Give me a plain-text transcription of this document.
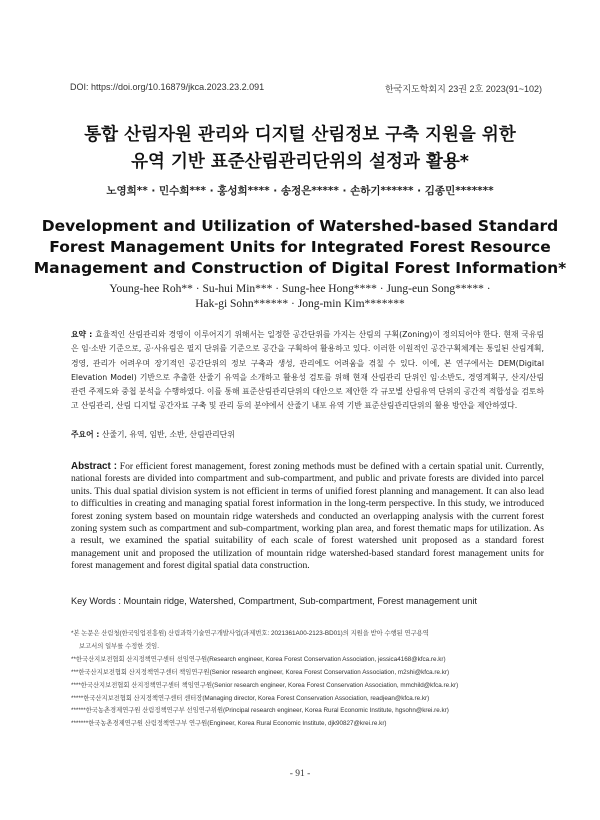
DOI: https://doi.org/10.16879/jkca.2023.23.2.091	한국지도학회지 23권 2호 2023(91~102)
통합 산림자원 관리와 디지털 산림정보 구축 지원을 위한
유역 기반 표준산림관리단위의 설정과 활용*
노영희** · 민수희*** · 홍성희**** · 송정은***** · 손하기****** · 김종민*******
Development and Utilization of Watershed-based Standard
Forest Management Units for Integrated Forest Resource
Management and Construction of Digital Forest Information*
Young-hee Roh** · Su-hui Min*** · Sung-hee Hong**** · Jung-eun Song***** ·
Hak-gi Sohn****** · Jong-min Kim*******
요약 : 효율적인 산림관리와 경영이 이루어지기 위해서는 일정한 공간단위를 가지는 산림의 구획(Zoning)이 정의되어야 한다. 현재 국유림은 임·소반 기준으로, 공·사유림은 필지 단위를 기준으로 공간을 구획하여 활용하고 있다. 이러한 이원적인 공간구획체계는 통일된 산림계획, 경영, 관리가 어려우며 장기적인 공간단위의 정보 구축과 생성, 관리에도 어려움을 겪칠 수 있다. 이에, 본 연구에서는 DEM(Digital Elevation Model) 기반으로 추출한 산줄기 유역을 소개하고 활용성 검토를 위해 현재 산림관리 단위인 임·소반도, 경영계획구, 산지/산림 관련 주제도와 중첩 분석을 수행하였다. 이를 통해 표준산림관리단위의 대안으로 제안한 각 규모별 산림유역 단위의 공간적 적합성을 검토하고 산림관리, 산림 디지털 공간자료 구축 및 관리 등의 분야에서 산줄기 내포 유역 기반 표준산림관리단위의 활용 방안을 제안하였다.
주요어 : 산줄기, 유역, 임반, 소반, 산림관리단위
Abstract : For efficient forest management, forest zoning methods must be defined with a certain spatial unit. Currently, national forests are divided into compartment and sub-compartment, and public and private forests are divided into parcel units. This dual spatial division system is not efficient in terms of unified forest planning and management. It can also lead to difficulties in creating and managing spatial forest information in the long-term perspective. In this study, we introduced forest zoning system based on mountain ridge watersheds and conducted an overlapping analysis with the current forest zoning system such as compartment and sub-compartment, working plan area, and forest thematic maps for utilization. As a result, we examined the spatial suitability of each scale of forest watershed unit proposed as a standard forest management unit and proposed the utilization of mountain ridge watershed-based standard forest management units for forest management and forest digital spatial data construction.
Key Words : Mountain ridge, Watershed, Compartment, Sub-compartment, Forest management unit
*본 논문은 산림청(한국임업진흥원) 산림과학기술연구개발사업(과제번호: 2021361A00-2123-BD01)의 지원을 받아 수행된 연구용역
보고서의 일부를 수정한 것임.
**한국산지보전협회 산지정책연구센터 선임연구원(Research engineer, Korea Forest Conservation Association, jessica4168@kfca.re.kr)
***한국산지보전협회 산지정책연구센터 책임연구원(Senior research engineer, Korea Forest Conservation Association, m2shi@kfca.re.kr)
****한국산지보전협회 산지정책연구센터 책임연구원(Senior research engineer, Korea Forest Conservation Association, mmchild@kfca.re.kr)
*****한국산지보전협회 산지정책연구센터 센터장(Managing director, Korea Forest Conservation Association, readjean@kfca.re.kr)
******한국농촌경제연구원 산림정책연구부 선임연구위원(Principal research engineer, Korea Rural Economic Institute, hgsohn@krei.re.kr)
*******한국농촌경제연구원 산림정책연구부 연구원(Engineer, Korea Rural Economic Institute, djk90827@krei.re.kr)
- 91 -
